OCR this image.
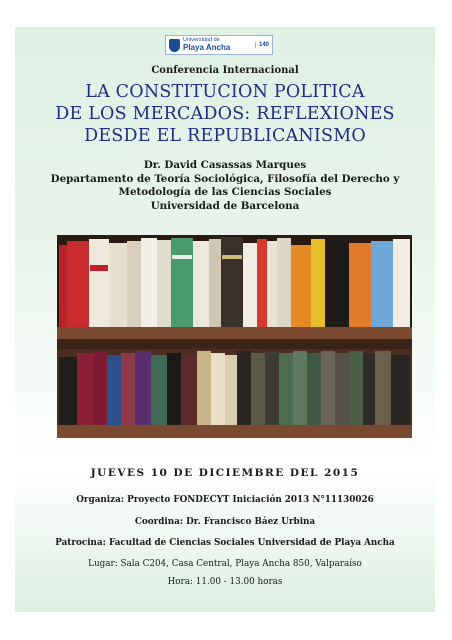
Universidad de
Playa Ancha	140
Conferencia Internacional
LA CONSTITUCION POLITICA
DE LOS MERCADOS: REFLEXIONES
DESDE EL REPUBLICANISMO
Dr. David Casassas Marques
Departamento de Teoría Sociológica, Filosofía del Derecho y
Metodología de las Ciencias Sociales
Universidad de Barcelona
JUEVES 10 DE DICIEMBRE DEL 2015
Organiza: Proyecto FONDECYT Iniciación 2013 N°11130026
Coordina: Dr. Francisco Báez Urbina
Patrocina: Facultad de Ciencias Sociales Universidad de Playa Ancha
Lugar: Sala C204, Casa Central, Playa Ancha 850, Valparaíso
Hora: 11.00 - 13.00 horas
